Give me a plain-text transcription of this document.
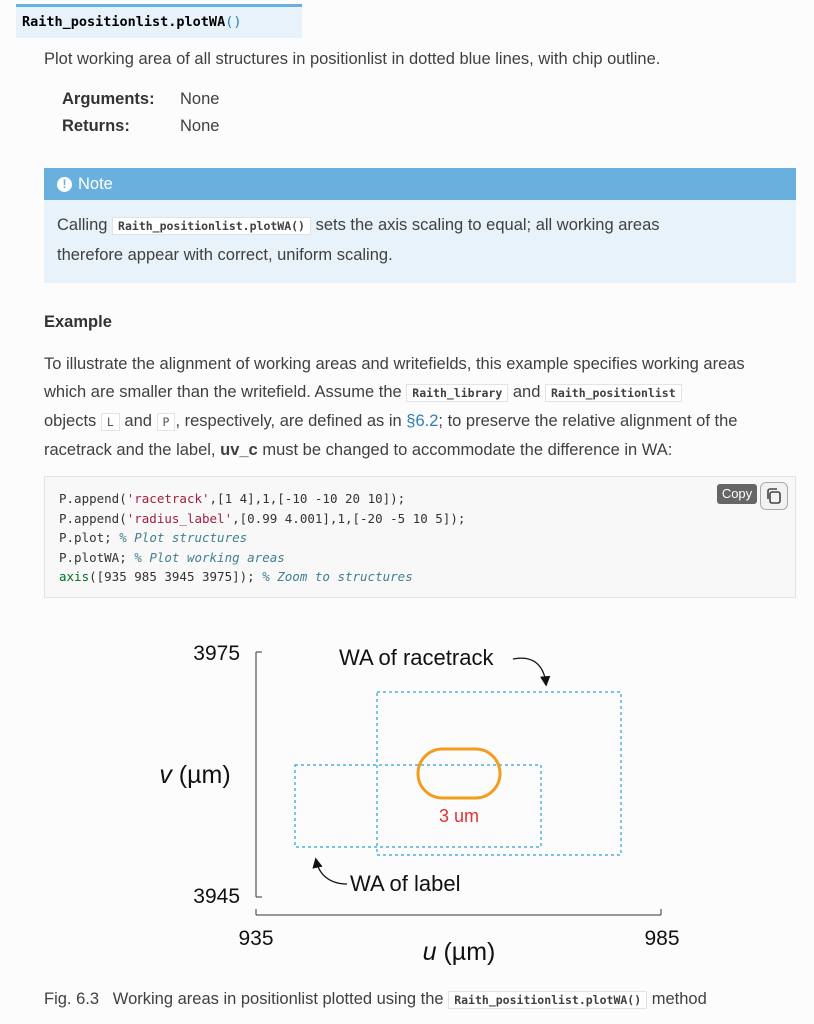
Raith_positionlist.plotWA()
Plot working area of all structures in positionlist in dotted blue lines, with chip outline.
Arguments:	None
Returns:	None
! Note
Calling Raith_positionlist.plotWA() sets the axis scaling to equal; all working areas
therefore appear with correct, uniform scaling.
Example
To illustrate the alignment of working areas and writefields, this example specifies working areas
which are smaller than the writefield. Assume the Raith_library and Raith_positionlist
objects L and P , respectively, are defined as in §6.2; to preserve the relative alignment of the
racetrack and the label, uv_c must be changed to accommodate the difference in WA:
P.append('racetrack',[1 4],1,[-10 -10 20 10]);
P.append('radius_label',[0.99 4.001],1,[-20 -5 10 5]);
P.plot; % Plot structures
P.plotWA; % Plot working areas
axis([935 985 3945 3975]); % Zoom to structures
Copy
3975
3945
935	985
v (µm)
u (µm)
3 um
WA of racetrack
WA of label
Fig. 6.3 Working areas in positionlist plotted using the Raith_positionlist.plotWA() method
